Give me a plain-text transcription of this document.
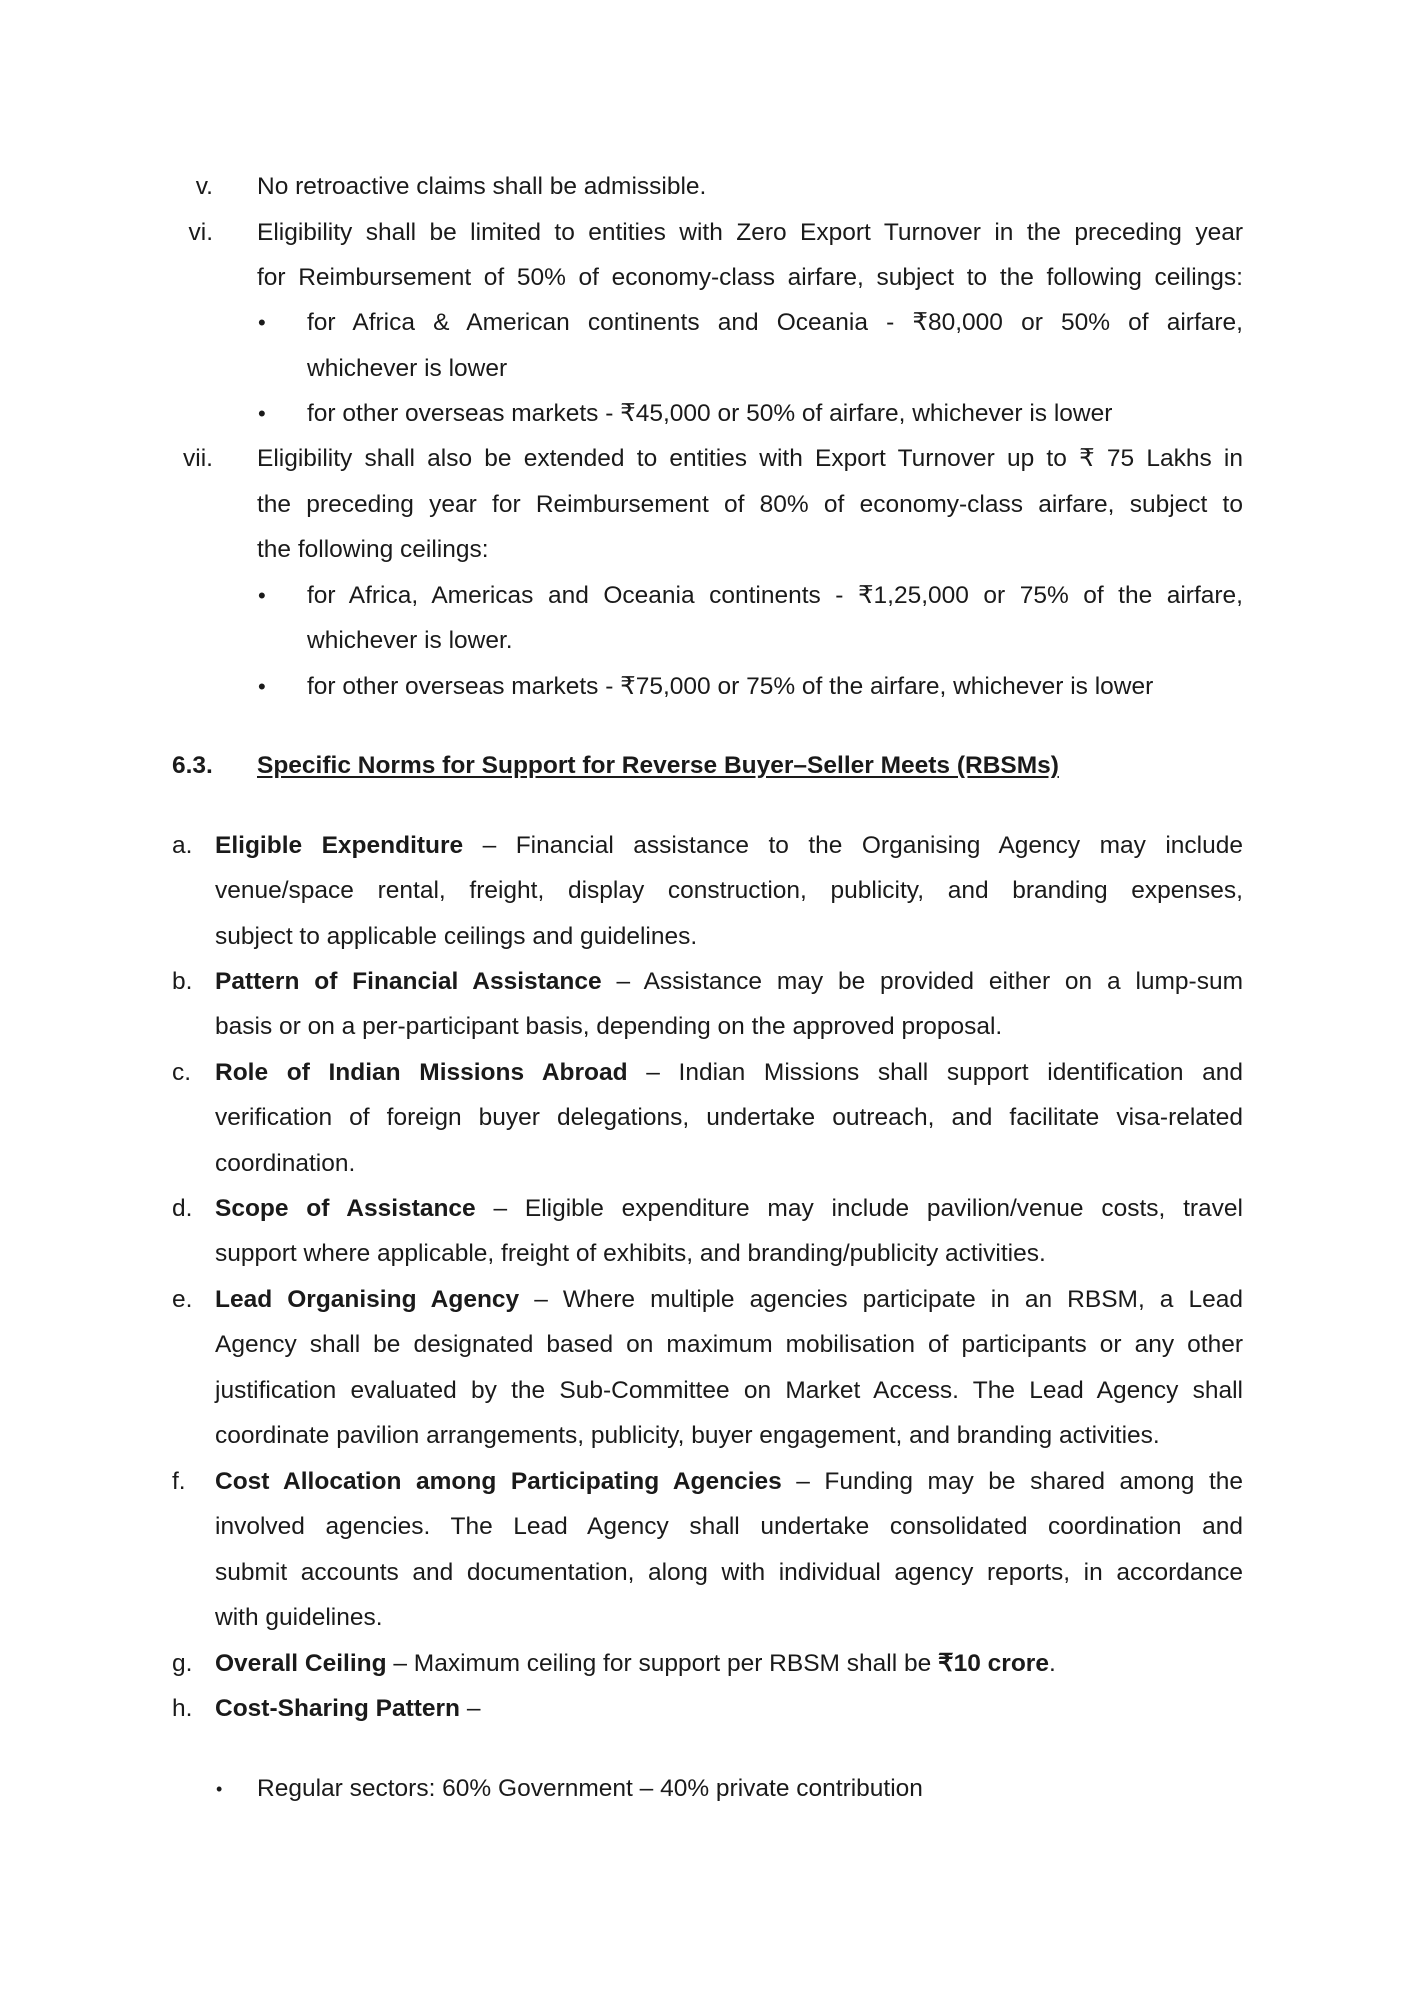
v. No retroactive claims shall be admissible.
vi. Eligibility shall be limited to entities with Zero Export Turnover in the preceding year
for Reimbursement of 50% of economy-class airfare, subject to the following ceilings:
• for Africa & American continents and Oceania - ₹80,000 or 50% of airfare,
whichever is lower
• for other overseas markets - ₹45,000 or 50% of airfare, whichever is lower
vii. Eligibility shall also be extended to entities with Export Turnover up to ₹ 75 Lakhs in
the preceding year for Reimbursement of 80% of economy-class airfare, subject to
the following ceilings:
• for Africa, Americas and Oceania continents - ₹1,25,000 or 75% of the airfare,
whichever is lower.
• for other overseas markets - ₹75,000 or 75% of the airfare, whichever is lower
6.3. Specific Norms for Support for Reverse Buyer–Seller Meets (RBSMs)
a. Eligible Expenditure – Financial assistance to the Organising Agency may include
venue/space rental, freight, display construction, publicity, and branding expenses,
subject to applicable ceilings and guidelines.
b. Pattern of Financial Assistance – Assistance may be provided either on a lump-sum
basis or on a per-participant basis, depending on the approved proposal.
c. Role of Indian Missions Abroad – Indian Missions shall support identification and
verification of foreign buyer delegations, undertake outreach, and facilitate visa-related
coordination.
d. Scope of Assistance – Eligible expenditure may include pavilion/venue costs, travel
support where applicable, freight of exhibits, and branding/publicity activities.
e. Lead Organising Agency – Where multiple agencies participate in an RBSM, a Lead
Agency shall be designated based on maximum mobilisation of participants or any other
justification evaluated by the Sub-Committee on Market Access. The Lead Agency shall
coordinate pavilion arrangements, publicity, buyer engagement, and branding activities.
f. Cost Allocation among Participating Agencies – Funding may be shared among the
involved agencies. The Lead Agency shall undertake consolidated coordination and
submit accounts and documentation, along with individual agency reports, in accordance
with guidelines.
g. Overall Ceiling – Maximum ceiling for support per RBSM shall be ₹10 crore.
h. Cost-Sharing Pattern –
• Regular sectors: 60% Government – 40% private contribution
